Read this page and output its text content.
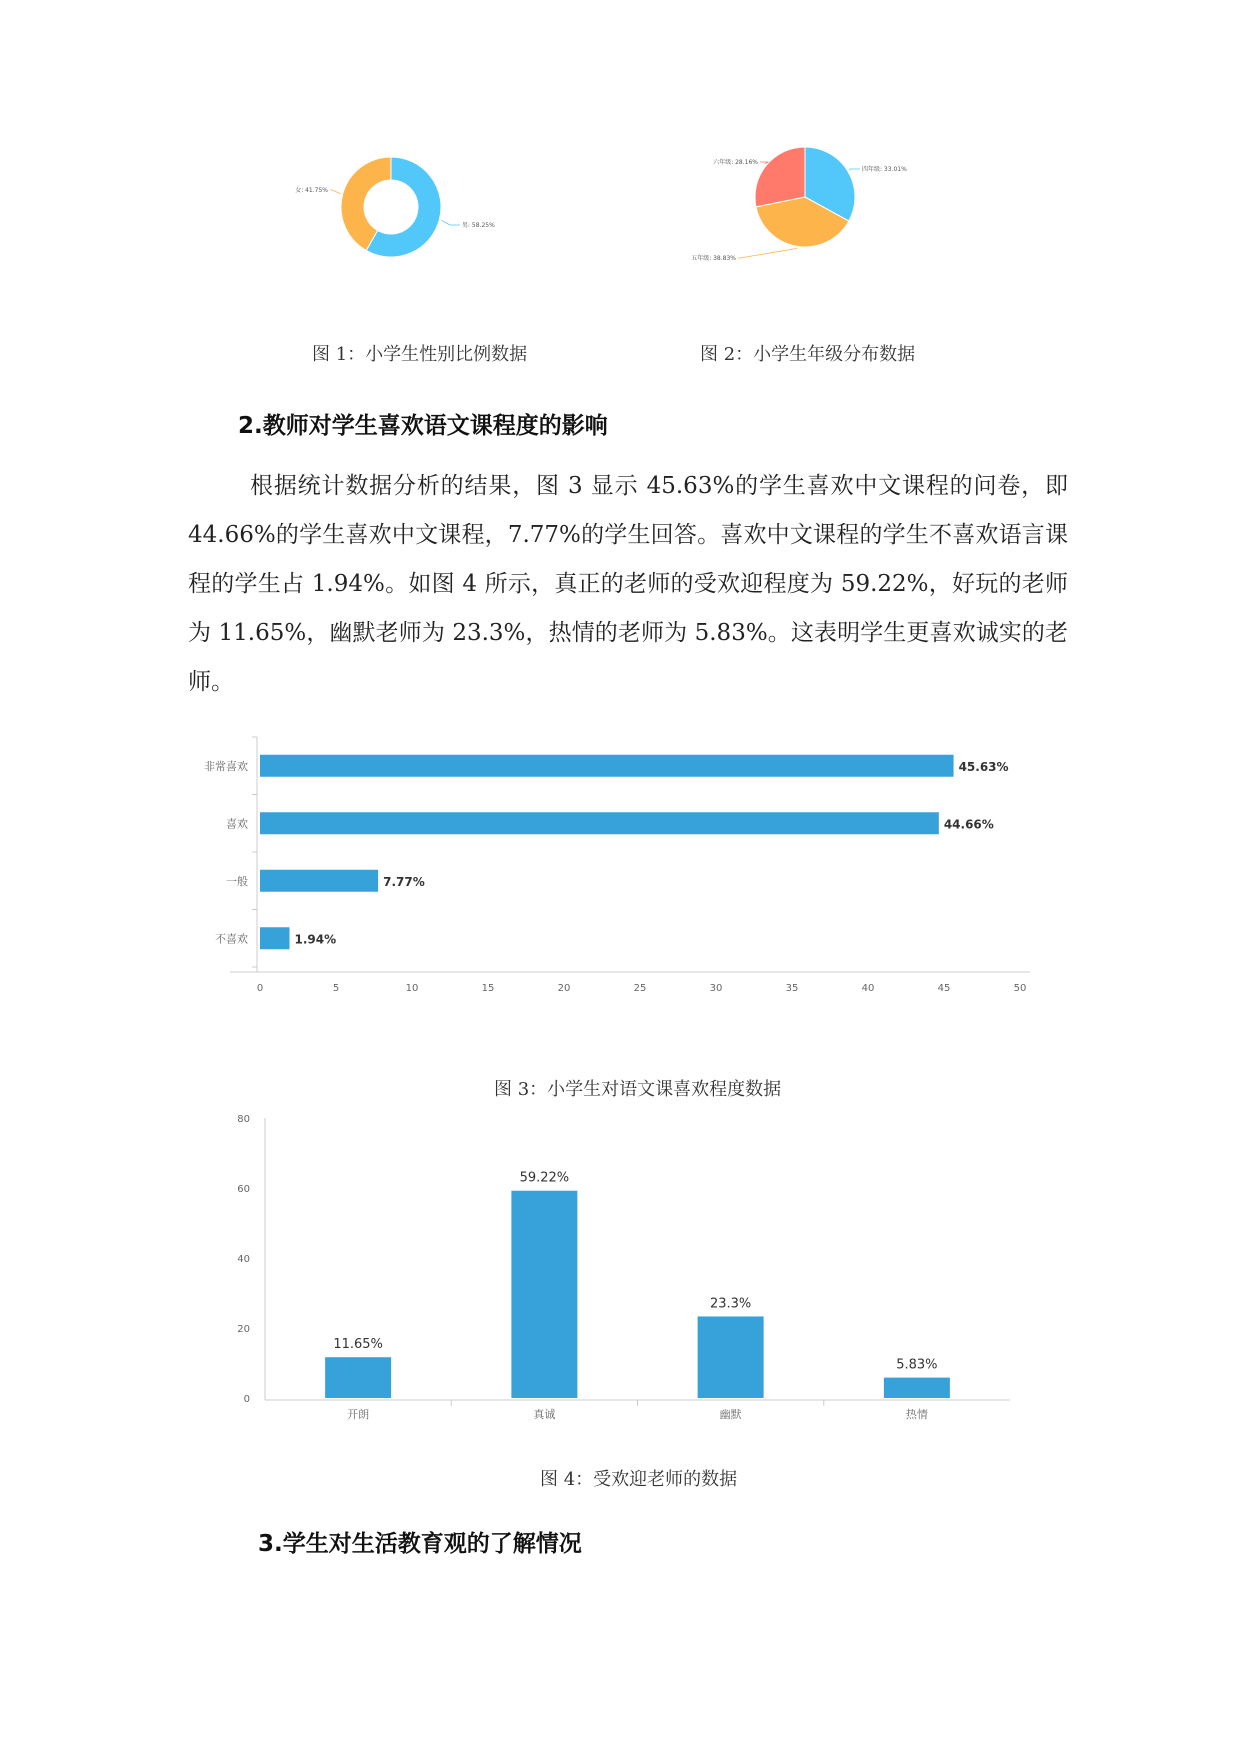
男: 58.25%
女: 41.75%
图 1：小学生性别比例数据
四年级: 33.01%
五年级: 38.83%
六年级: 28.16%
图 2：小学生年级分布数据
2.教师对学生喜欢语文课程度的影响

根据统计数据分析的结果，图 3 显示 45.63%的学生喜欢中文课程的问卷，即 44.66%的学生喜欢中文课程，7.77%的学生回答。喜欢中文课程的学生不喜欢语言课程的学生占 1.94%。如图 4 所示，真正的老师的受欢迎程度为 59.22%，好玩的老师为 11.65%，幽默老师为 23.3%，热情的老师为 5.83%。这表明学生更喜欢诚实的老师。

非常喜欢	45.63%
喜欢	44.66%
一般	7.77%
不喜欢	1.94%
0	5	10	15	20	25	30	35	40	45	50
图 3：小学生对语文课喜欢程度数据
0
20
40
60
80
11.65%
开朗
59.22%
真诚
23.3%
幽默
5.83%
热情
图 4：受欢迎老师的数据
3.学生对生活教育观的了解情况
